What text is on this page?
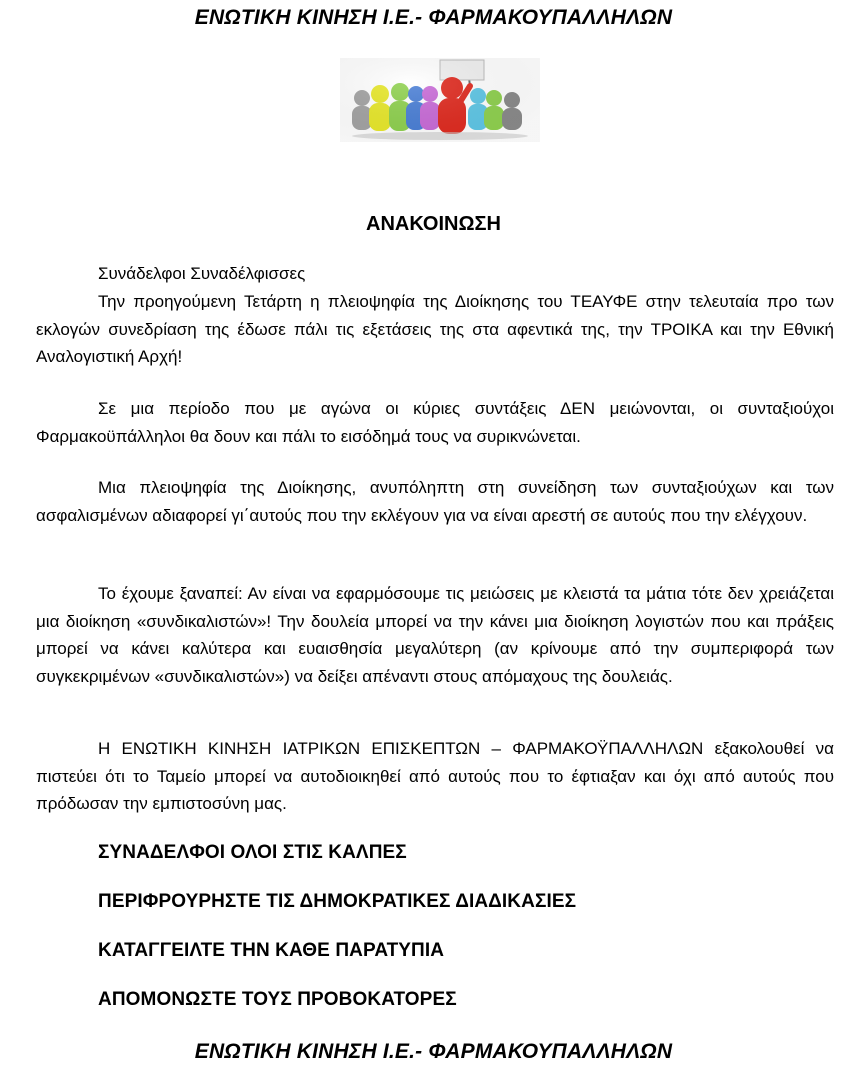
ΕΝΩΤΙΚΗ ΚΙΝΗΣΗ Ι.Ε.- ΦΑΡΜΑΚΟΥΠΑΛΛΗΛΩΝ
ΑΝΑΚΟΙΝΩΣΗ
Συνάδελφοι Συναδέλφισσες

Την προηγούμενη Τετάρτη η πλειοψηφία της Διοίκησης του ΤΕΑΥΦΕ στην τελευταία προ των εκλογών συνεδρίαση της έδωσε πάλι τις εξετάσεις της στα αφεντικά της, την ΤΡΟΙΚΑ και την Εθνική Αναλογιστική Αρχή!

Σε μια περίοδο που με αγώνα οι κύριες συντάξεις ΔΕΝ μειώνονται, οι συνταξιούχοι Φαρμακοϋπάλληλοι θα δουν και πάλι το εισόδημά τους να συρικνώνεται.

Μια πλειοψηφία της Διοίκησης, ανυπόληπτη στη συνείδηση των συνταξιούχων και των ασφαλισμένων αδιαφορεί γι΄αυτούς που την εκλέγουν για να είναι αρεστή σε αυτούς που την ελέγχουν.

Το έχουμε ξαναπεί: Αν είναι να εφαρμόσουμε τις μειώσεις με κλειστά τα μάτια τότε δεν χρειάζεται μια διοίκηση «συνδικαλιστών»! Την δουλεία μπορεί να την κάνει μια διοίκηση λογιστών που και πράξεις μπορεί να κάνει καλύτερα και ευαισθησία μεγαλύτερη (αν κρίνουμε από την συμπεριφορά των συγκεκριμένων «συνδικαλιστών») να δείξει απέναντι στους απόμαχους της δουλειάς.

Η ΕΝΩΤΙΚΗ ΚΙΝΗΣΗ ΙΑΤΡΙΚΩΝ ΕΠΙΣΚΕΠΤΩΝ – ΦΑΡΜΑΚΟΫΠΑΛΛΗΛΩΝ εξακολουθεί να πιστεύει ότι το Ταμείο μπορεί να αυτοδιοικηθεί από αυτούς που το έφτιαξαν και όχι από αυτούς που πρόδωσαν την εμπιστοσύνη μας.

ΣΥΝΑΔΕΛΦΟΙ ΟΛΟΙ ΣΤΙΣ ΚΑΛΠΕΣ
ΠΕΡΙΦΡΟΥΡΗΣΤΕ ΤΙΣ ΔΗΜΟΚΡΑΤΙΚΕΣ ΔΙΑΔΙΚΑΣΙΕΣ
ΚΑΤΑΓΓΕΙΛΤΕ ΤΗΝ ΚΑΘΕ ΠΑΡΑΤΥΠΙΑ
ΑΠΟΜΟΝΩΣΤΕ ΤΟΥΣ ΠΡΟΒΟΚΑΤΟΡΕΣ
ΕΝΩΤΙΚΗ ΚΙΝΗΣΗ Ι.Ε.- ΦΑΡΜΑΚΟΥΠΑΛΛΗΛΩΝ
